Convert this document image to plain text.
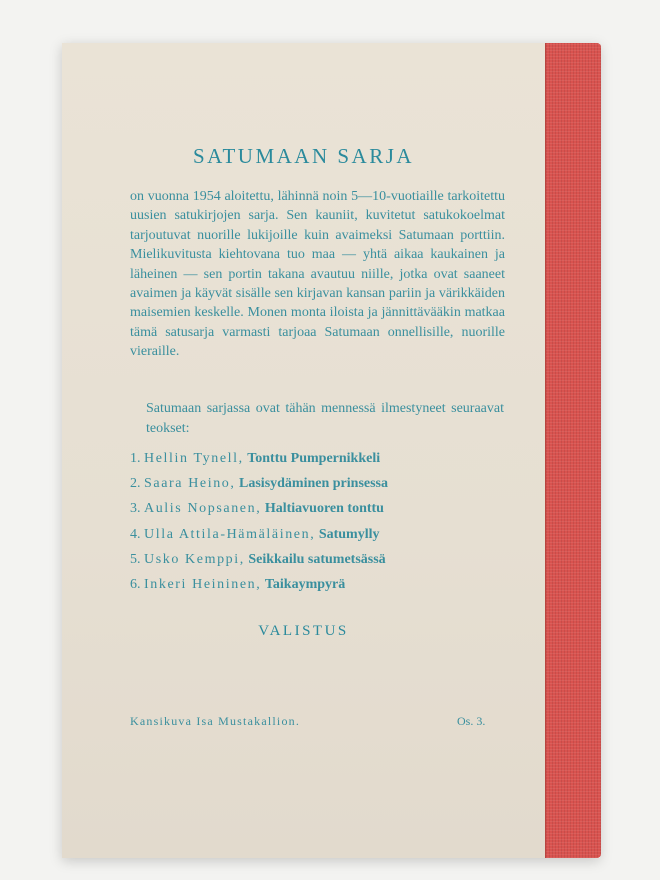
SATUMAAN SARJA

on vuonna 1954 aloitettu, lähinnä noin 5—10-vuotiaille tarkoitettu uusien satukirjojen sarja. Sen kauniit, kuvitetut satukokoelmat tarjoutuvat nuorille lukijoille kuin avaimeksi Satumaan porttiin. Mielikuvitusta kiehtovana tuo maa — yhtä aikaa kaukainen ja läheinen — sen portin takana avautuu niille, jotka ovat saaneet avaimen ja käyvät sisälle sen kirjavan kansan pariin ja värikkäiden maisemien keskelle. Monen monta iloista ja jännittävääkin matkaa tämä satusarja varmasti tarjoaa Satumaan onnellisille, nuorille vieraille.

Satumaan sarjassa ovat tähän mennessä ilmestyneet seuraavat teokset:

1. Hellin Tynell, Tonttu Pumpernikkeli
2. Saara Heino, Lasisydäminen prinsessa
3. Aulis Nopsanen, Haltiavuoren tonttu
4. Ulla Attila-Hämäläinen, Satumylly
5. Usko Kemppi, Seikkailu satumetsässä
6. Inkeri Heininen, Taikaympyrä
VALISTUS
Kansikuva Isa Mustakallion.	Os. 3.
